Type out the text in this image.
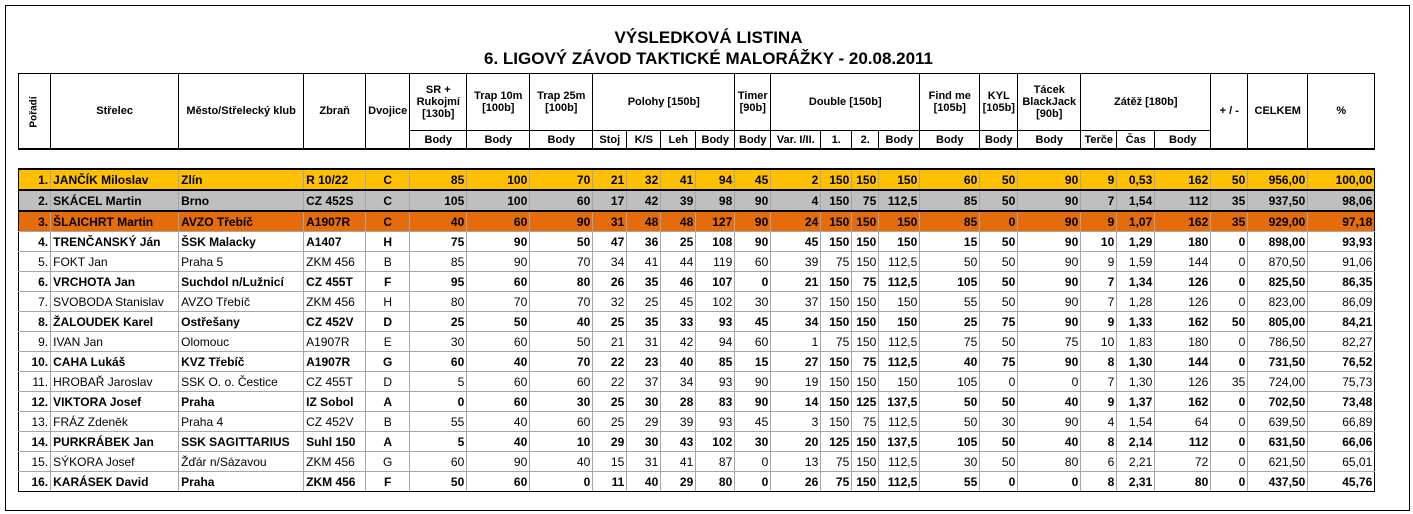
VÝSLEDKOVÁ LISTINA
6. LIGOVÝ ZÁVOD TAKTICKÉ MALORÁŽKY - 20.08.2011
Pořadí	Střelec	Město/Střelecký klub	Zbraň	Dvojice	SR + Rukojmí [130b]	Trap 10m [100b]	Trap 25m [100b]	Polohy [150b]				Timer [90b]	Double [150b]				Find me [105b]	KYL [105b]	Tácek BlackJack [90b]	Zátěž [180b]			+ / -	CELKEM	%
					Body	Body	Body	Stoj	K/S	Leh	Body	Body	Var. I/II.	1.	2.	Body	Body	Body	Body	Terče	Čas	Body			

1.	JANČÍK Miloslav	Zlín	R 10/22	C	85	100	70	21	32	41	94	45	2	150	150	150	60	50	90	9	0,53	162	50	956,00	100,00
2.	SKÁCEL Martin	Brno	CZ 452S	C	105	100	60	17	42	39	98	90	4	150	75	112,5	85	50	90	7	1,54	112	35	937,50	98,06
3.	ŠLAICHRT Martin	AVZO Třebíč	A1907R	C	40	60	90	31	48	48	127	90	24	150	150	150	85	0	90	9	1,07	162	35	929,00	97,18
4.	TRENČANSKÝ Ján	ŠSK Malacky	A1407	H	75	90	50	47	36	25	108	90	45	150	150	150	15	50	90	10	1,29	180	0	898,00	93,93
5.	FOKT Jan	Praha 5	ZKM 456	B	85	90	70	34	41	44	119	60	39	75	150	112,5	50	50	90	9	1,59	144	0	870,50	91,06
6.	VRCHOTA Jan	Suchdol n/Lužnicí	CZ 455T	F	95	60	80	26	35	46	107	0	21	150	75	112,5	105	50	90	7	1,34	126	0	825,50	86,35
7.	SVOBODA Stanislav	AVZO Třebíč	ZKM 456	H	80	70	70	32	25	45	102	30	37	150	150	150	55	50	90	7	1,28	126	0	823,00	86,09
8.	ŽALOUDEK Karel	Ostřešany	CZ 452V	D	25	50	40	25	35	33	93	45	34	150	150	150	25	75	90	9	1,33	162	50	805,00	84,21
9.	IVAN Jan	Olomouc	A1907R	E	30	60	50	21	31	42	94	60	1	75	150	112,5	75	50	75	10	1,83	180	0	786,50	82,27
10.	CAHA Lukáš	KVZ Třebíč	A1907R	G	60	40	70	22	23	40	85	15	27	150	75	112,5	40	75	90	8	1,30	144	0	731,50	76,52
11.	HROBAŘ Jaroslav	SSK O. o. Čestice	CZ 455T	D	5	60	60	22	37	34	93	90	19	150	150	150	105	0	0	7	1,30	126	35	724,00	75,73
12.	VIKTORA Josef	Praha	IZ Sobol	A	0	60	30	25	30	28	83	90	14	150	125	137,5	50	50	40	9	1,37	162	0	702,50	73,48
13.	FRÁZ Zdeněk	Praha 4	CZ 452V	B	55	40	60	25	29	39	93	45	3	150	75	112,5	50	30	90	4	1,54	64	0	639,50	66,89
14.	PURKRÁBEK Jan	SSK SAGITTARIUS	Suhl 150	A	5	40	10	29	30	43	102	30	20	125	150	137,5	105	50	40	8	2,14	112	0	631,50	66,06
15.	SÝKORA Josef	Žďár n/Sázavou	ZKM 456	G	60	90	40	15	31	41	87	0	13	75	150	112,5	30	50	80	6	2,21	72	0	621,50	65,01
16.	KARÁSEK David	Praha	ZKM 456	F	50	60	0	11	40	29	80	0	26	75	150	112,5	55	0	0	8	2,31	80	0	437,50	45,76
